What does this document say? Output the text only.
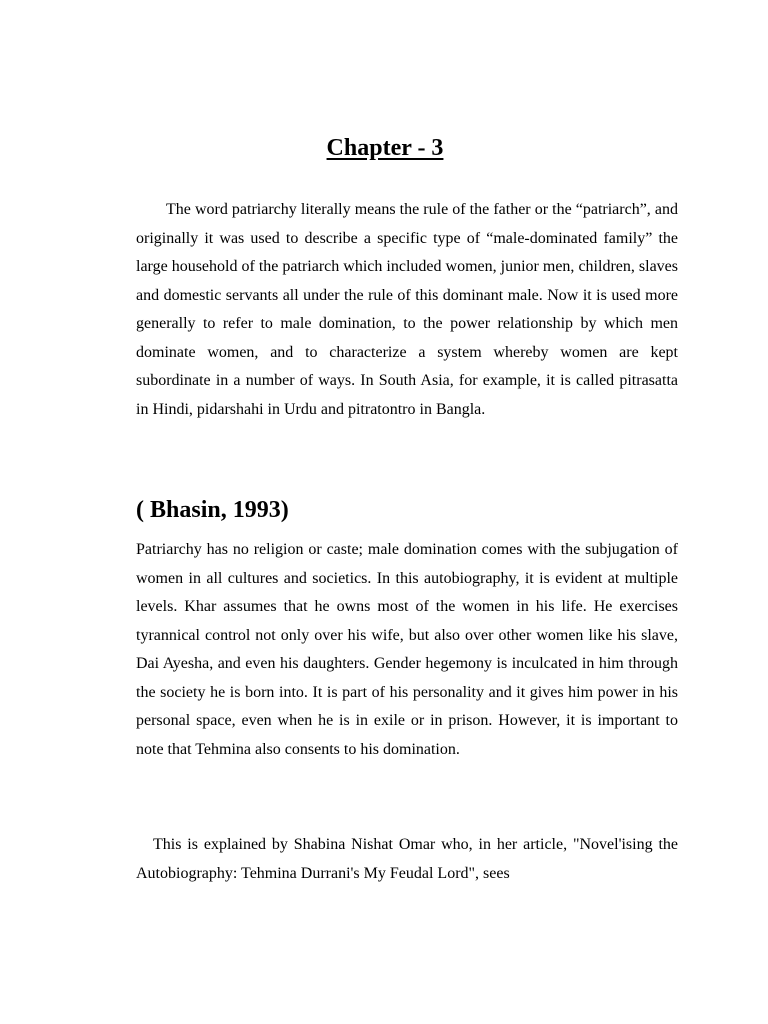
Chapter - 3

The word patriarchy literally means the rule of the father or the “patriarch”, and originally it was used to describe a specific type of “male-dominated family” the large household of the patriarch which included women, junior men, children, slaves and domestic servants all under the rule of this dominant male. Now it is used more generally to refer to male domination, to the power relationship by which men dominate women, and to characterize a system whereby women are kept subordinate in a number of ways. In South Asia, for example, it is called pitrasatta in Hindi, pidarshahi in Urdu and pitratontro in Bangla.

( Bhasin, 1993)

Patriarchy has no religion or caste; male domination comes with the subjugation of women in all cultures and societics. In this autobiography, it is evident at multiple levels. Khar assumes that he owns most of the women in his life. He exercises tyrannical control not only over his wife, but also over other women like his slave, Dai Ayesha, and even his daughters. Gender hegemony is inculcated in him through the society he is born into. It is part of his personality and it gives him power in his personal space, even when he is in exile or in prison. However, it is important to note that Tehmina also consents to his domination.

This is explained by Shabina Nishat Omar who, in her article, "Novel'ising the Autobiography: Tehmina Durrani's My Feudal Lord", sees
